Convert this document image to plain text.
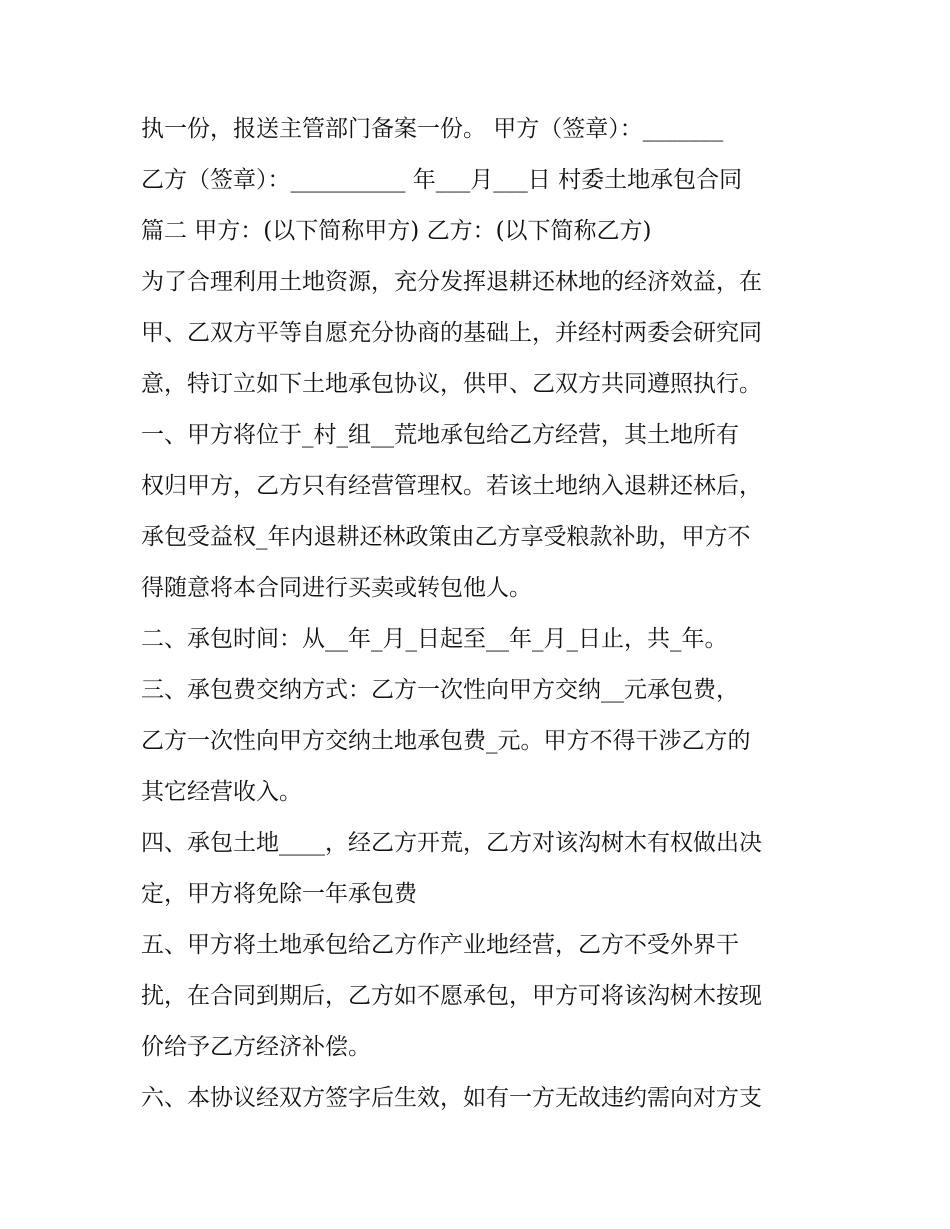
执一份，报送主管部门备案一份。 甲方（签章）：_______
乙方（签章）：__________ 年___月___日 村委土地承包合同
篇二 甲方：(以下简称甲方) 乙方：(以下简称乙方)
为了合理利用土地资源，充分发挥退耕还林地的经济效益，在
甲、乙双方平等自愿充分协商的基础上，并经村两委会研究同
意，特订立如下土地承包协议，供甲、乙双方共同遵照执行。
一、甲方将位于_村_组__荒地承包给乙方经营，其土地所有
权归甲方，乙方只有经营管理权。若该土地纳入退耕还林后，
承包受益权_年内退耕还林政策由乙方享受粮款补助，甲方不
得随意将本合同进行买卖或转包他人。
二、承包时间：从__年_月_日起至__年_月_日止，共_年。
三、承包费交纳方式：乙方一次性向甲方交纳__元承包费，
乙方一次性向甲方交纳土地承包费_元。甲方不得干涉乙方的
其它经营收入。
四、承包土地____，经乙方开荒，乙方对该沟树木有权做出决
定，甲方将免除一年承包费
五、甲方将土地承包给乙方作产业地经营，乙方不受外界干
扰，在合同到期后，乙方如不愿承包，甲方可将该沟树木按现
价给予乙方经济补偿。
六、本协议经双方签字后生效，如有一方无故违约需向对方支
